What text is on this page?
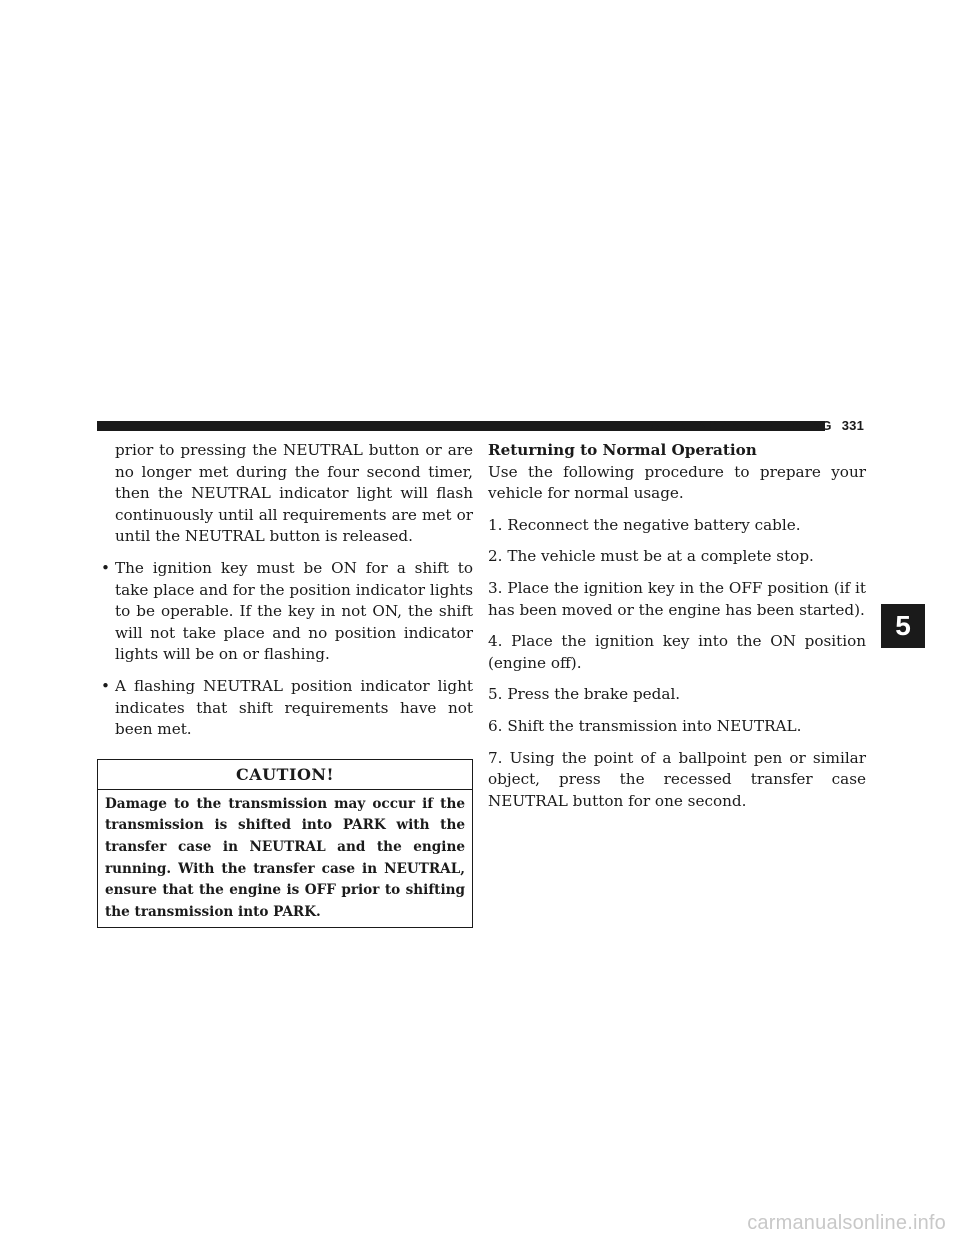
STARTING AND OPERATING 331

prior to pressing the NEUTRAL button or are no longer met during the four second timer, then the NEUTRAL indicator light will flash continuously until all requirements are met or until the NEUTRAL button is released.

• The ignition key must be ON for a shift to take place and for the position indicator lights to be operable. If the key in not ON, the shift will not take place and no position indicator lights will be on or flashing.
• A flashing NEUTRAL position indicator light indicates that shift requirements have not been met.
CAUTION!
Damage to the transmission may occur if the transmission is shifted into PARK with the transfer case in NEUTRAL and the engine running. With the transfer case in NEUTRAL, ensure that the engine is OFF prior to shifting the transmission into PARK.

Returning to Normal Operation

Use the following procedure to prepare your vehicle for normal usage.

1. Reconnect the negative battery cable.

2. The vehicle must be at a complete stop.

3. Place the ignition key in the OFF position (if it has been moved or the engine has been started).

4. Place the ignition key into the ON position (engine off).

5. Press the brake pedal.

6. Shift the transmission into NEUTRAL.

7. Using the point of a ballpoint pen or similar object, press the recessed transfer case NEUTRAL button for one second.

5
carmanualsonline.info
